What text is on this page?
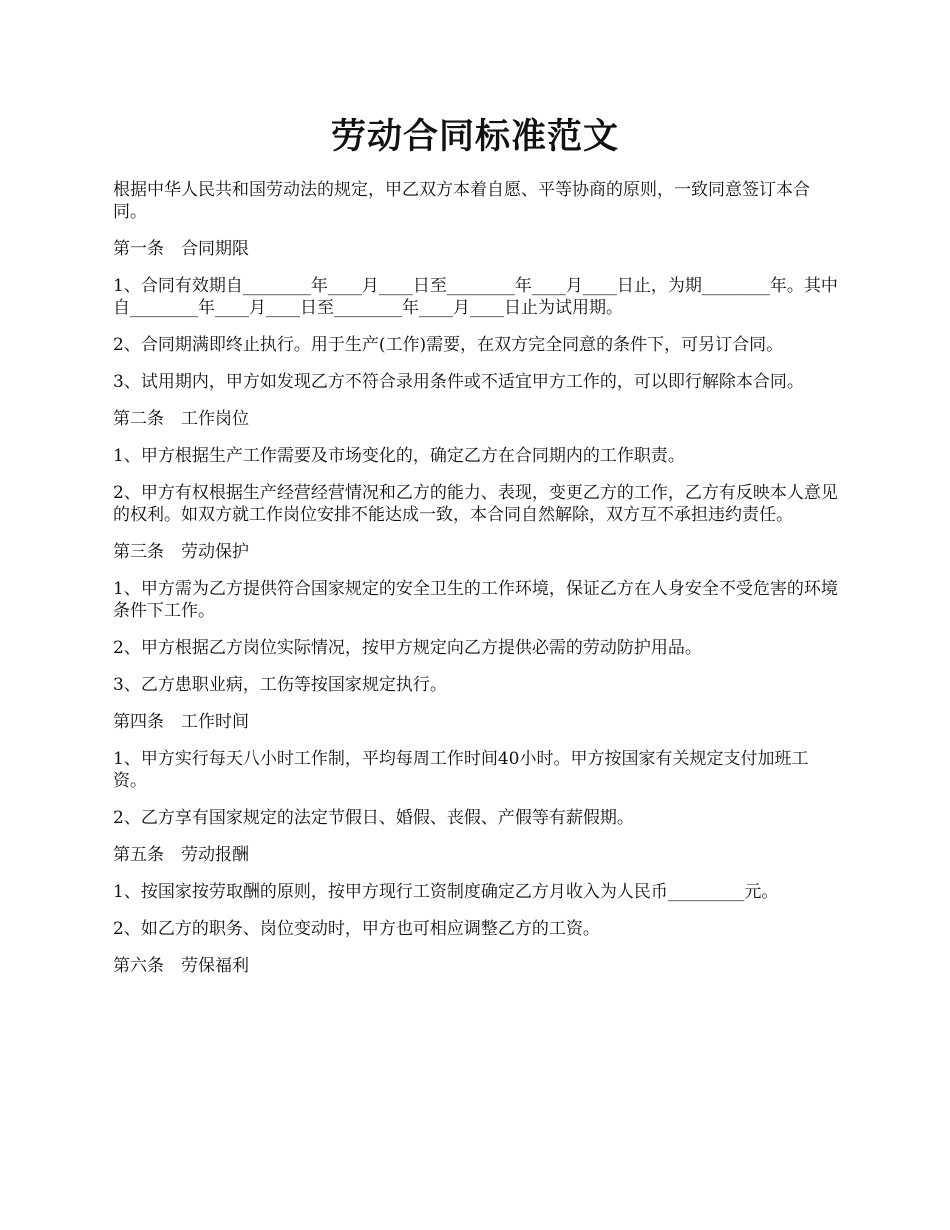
劳动合同标准范文

根据中华人民共和国劳动法的规定，甲乙双方本着自愿、平等协商的原则，一致同意签订本合同。

第一条　合同期限

1、合同有效期自________年____月____日至________年____月____日止，为期________年。其中自________年____月____日至________年____月____日止为试用期。

2、合同期满即终止执行。用于生产(工作)需要，在双方完全同意的条件下，可另订合同。

3、试用期内，甲方如发现乙方不符合录用条件或不适宜甲方工作的，可以即行解除本合同。

第二条　工作岗位

1、甲方根据生产工作需要及市场变化的，确定乙方在合同期内的工作职责。

2、甲方有权根据生产经营经营情况和乙方的能力、表现，变更乙方的工作，乙方有反映本人意见的权利。如双方就工作岗位安排不能达成一致，本合同自然解除，双方互不承担违约责任。

第三条　劳动保护

1、甲方需为乙方提供符合国家规定的安全卫生的工作环境，保证乙方在人身安全不受危害的环境条件下工作。

2、甲方根据乙方岗位实际情况，按甲方规定向乙方提供必需的劳动防护用品。

3、乙方患职业病，工伤等按国家规定执行。

第四条　工作时间

1、甲方实行每天八小时工作制，平均每周工作时间40小时。甲方按国家有关规定支付加班工资。

2、乙方享有国家规定的法定节假日、婚假、丧假、产假等有薪假期。

第五条　劳动报酬

1、按国家按劳取酬的原则，按甲方现行工资制度确定乙方月收入为人民币_________元。

2、如乙方的职务、岗位变动时，甲方也可相应调整乙方的工资。

第六条　劳保福利
